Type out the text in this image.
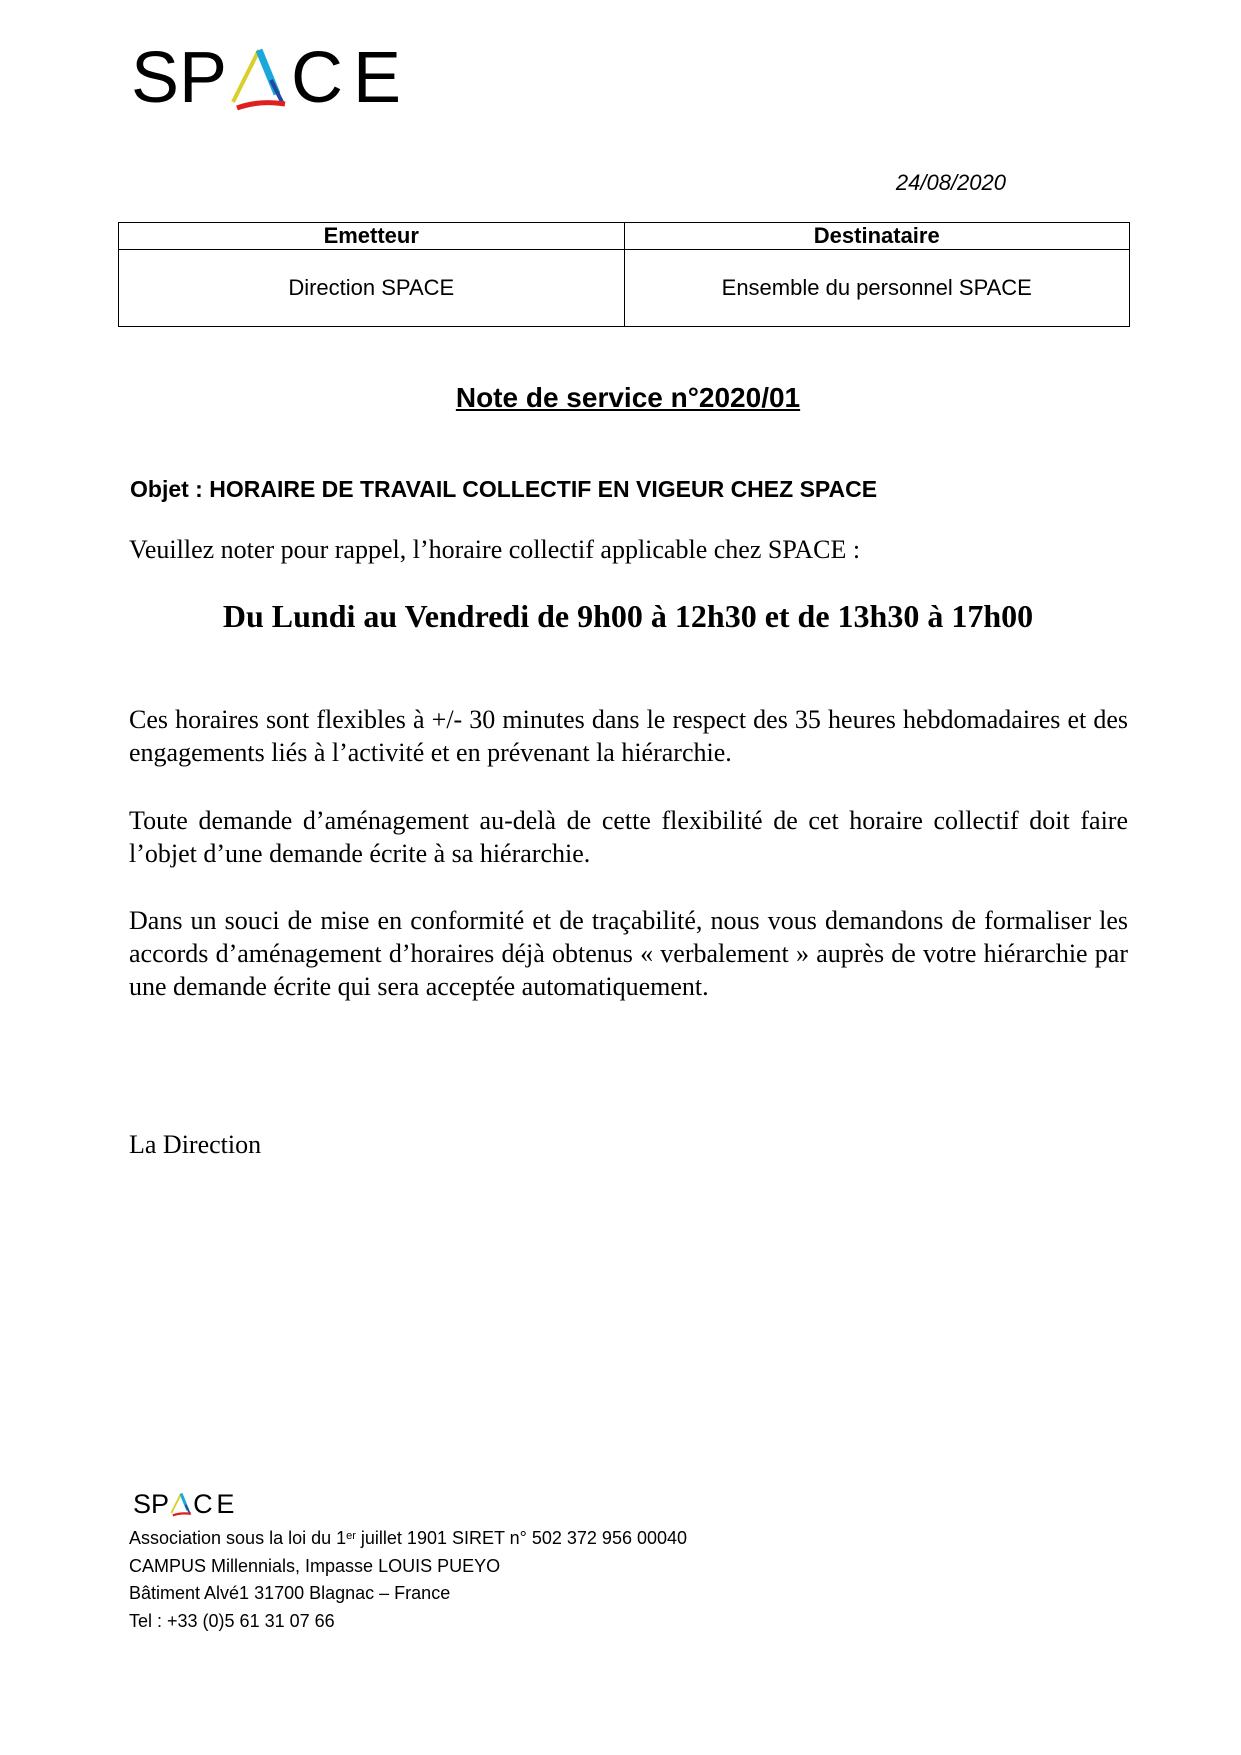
S P C E
24/08/2020
Emetteur	Destinataire
Direction SPACE	Ensemble du personnel SPACE
Note de service n°2020/01
Objet : HORAIRE DE TRAVAIL COLLECTIF EN VIGEUR CHEZ SPACE
Veuillez noter pour rappel, l’horaire collectif applicable chez SPACE :
Du Lundi au Vendredi de 9h00 à 12h30 et de 13h30 à 17h00
Ces horaires sont flexibles à +/- 30 minutes dans le respect des 35 heures hebdomadaires et des engagements liés à l’activité et en prévenant la hiérarchie.
Toute demande d’aménagement au-delà de cette flexibilité de cet horaire collectif doit faire l’objet d’une demande écrite à sa hiérarchie.
Dans un souci de mise en conformité et de traçabilité, nous vous demandons de formaliser les accords d’aménagement d’horaires déjà obtenus « verbalement » auprès de votre hiérarchie par une demande écrite qui sera acceptée automatiquement.
La Direction
S P C E
Association sous la loi du 1er juillet 1901 SIRET n° 502 372 956 00040
CAMPUS Millennials, Impasse LOUIS PUEYO
Bâtiment Alvé1 31700 Blagnac – France
Tel : +33 (0)5 61 31 07 66
